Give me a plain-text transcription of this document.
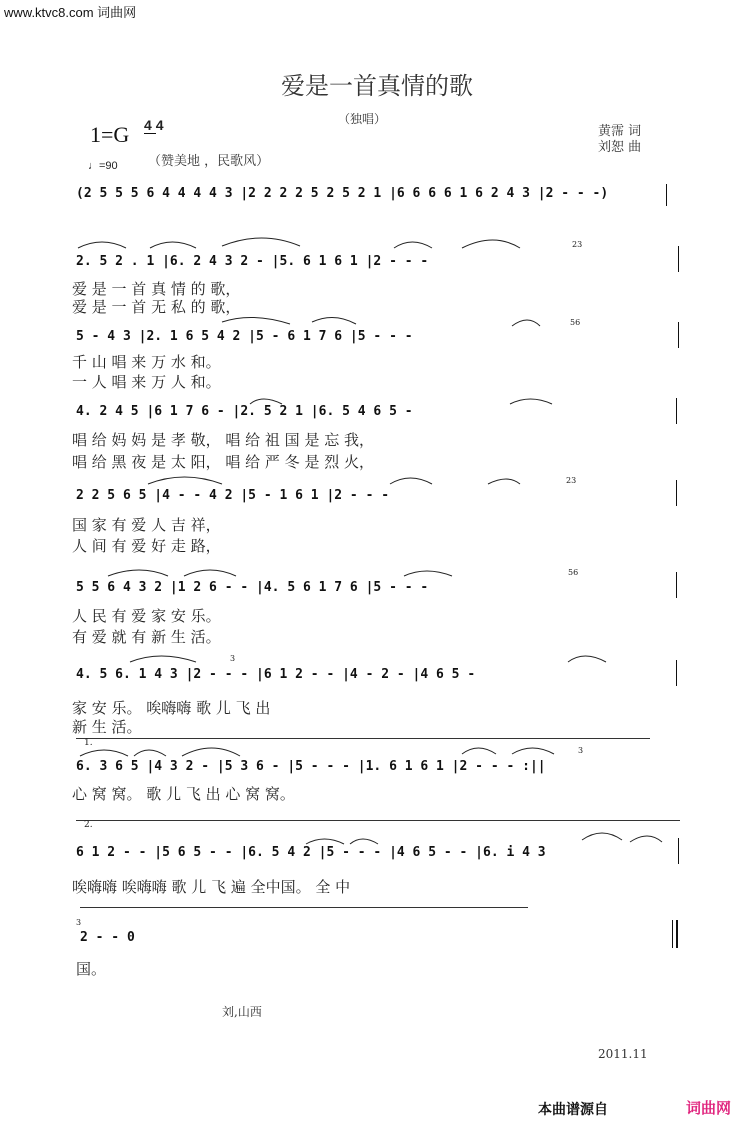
www.ktvc8.com 词曲网
爱是一首真情的歌
（独唱）
黄霈 词
刘恕 曲
1=G 4 4
（赞美地 ，民歌风）
♩=90
(2 5 5 5 6 4 4 4 4 3 |2 2 2 2 5 2 5 2 1 |6 6 6 6 1 6 2 4 3 |2 - - -)
2. 5 2 . 1 |6. 2 4 3 2 - |5. 6 1 6 1 |2 - - -
爱 是 一 首 真 情 的 歌，
爱 是 一 首 无 私 的 歌，
5 - 4 3 |2. 1 6 5 4 2 |5 - 6 1 7 6 |5 - - -
千 山 唱 来 万 水 和。
一 人 唱 来 万 人 和。
4. 2 4 5 |6 1 7 6 - |2. 5 2 1 |6. 5 4 6 5 -
唱 给 妈 妈 是 孝 敬， 唱 给 祖 国 是 忘 我，
唱 给 黑 夜 是 太 阳， 唱 给 严 冬 是 烈 火，
2 2 5 6 5 |4 - - 4 2 |5 - 1 6 1 |2 - - -
国 家 有 爱 人 吉 祥，
人 间 有 爱 好 走 路，
5 5 6 4 3 2 |1 2 6 - - |4. 5 6 1 7 6 |5 - - -
人 民 有 爱 家 安 乐。
有 爱 就 有 新 生 活。
4. 5 6. 1 4 3 |2 - - - |6 1 2 - - |4 - 2 - |4 6 5 -
家 安 乐。 唉嗨嗨 歌 儿 飞 出
新 生 活。
1.
6. 3 6 5 |4 3 2 - |5 3 6 - |5 - - - |1. 6 1 6 1 |2 - - - :||
心 窝 窝。 歌 儿 飞 出 心 窝 窝。
2.
6 1 2 - - |5 6 5 - - |6. 5 4 2 |5 - - - |4 6 5 - - |6. i 4 3
唉嗨嗨 唉嗨嗨 歌 儿 飞 遍 全中国。 全 中
2 - - 0
国。
23
56
23
56
3
3
3
刘,山西
2011.11
本曲谱源自	词曲网
